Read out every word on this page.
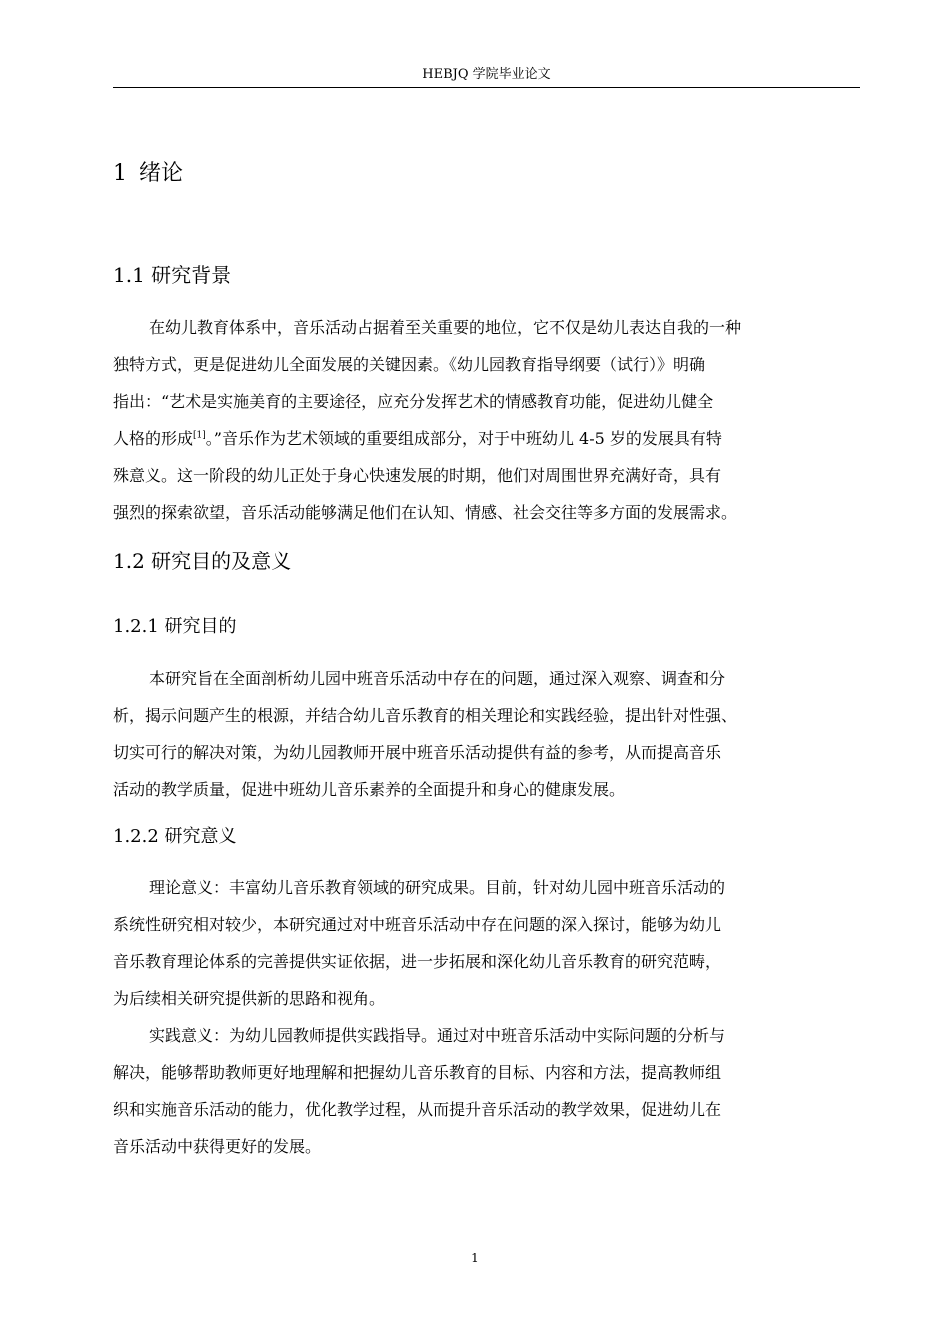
HEBJQ 学院毕业论文
1 绪论
1.1 研究背景
在幼儿教育体系中，音乐活动占据着至关重要的地位，它不仅是幼儿表达自我的一种
独特方式，更是促进幼儿全面发展的关键因素。《幼儿园教育指导纲要（试行）》明确
指出：“艺术是实施美育的主要途径，应充分发挥艺术的情感教育功能，促进幼儿健全
人格的形成[1]。”音乐作为艺术领域的重要组成部分，对于中班幼儿 4-5 岁的发展具有特
殊意义。这一阶段的幼儿正处于身心快速发展的时期，他们对周围世界充满好奇，具有
强烈的探索欲望，音乐活动能够满足他们在认知、情感、社会交往等多方面的发展需求。
1.2 研究目的及意义
1.2.1 研究目的
本研究旨在全面剖析幼儿园中班音乐活动中存在的问题，通过深入观察、调查和分
析，揭示问题产生的根源，并结合幼儿音乐教育的相关理论和实践经验，提出针对性强、
切实可行的解决对策，为幼儿园教师开展中班音乐活动提供有益的参考，从而提高音乐
活动的教学质量，促进中班幼儿音乐素养的全面提升和身心的健康发展。
1.2.2 研究意义
理论意义：丰富幼儿音乐教育领域的研究成果。目前，针对幼儿园中班音乐活动的
系统性研究相对较少，本研究通过对中班音乐活动中存在问题的深入探讨，能够为幼儿
音乐教育理论体系的完善提供实证依据，进一步拓展和深化幼儿音乐教育的研究范畴，
为后续相关研究提供新的思路和视角。
实践意义：为幼儿园教师提供实践指导。通过对中班音乐活动中实际问题的分析与
解决，能够帮助教师更好地理解和把握幼儿音乐教育的目标、内容和方法，提高教师组
织和实施音乐活动的能力，优化教学过程，从而提升音乐活动的教学效果，促进幼儿在
音乐活动中获得更好的发展。
1
